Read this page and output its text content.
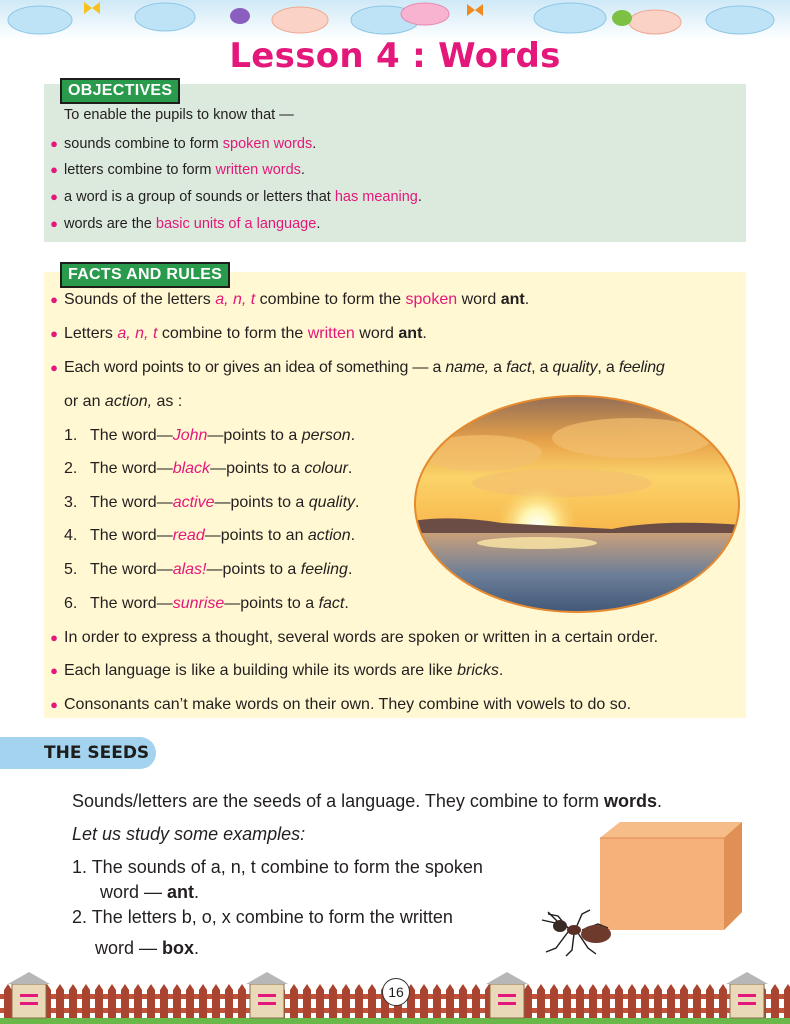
Lesson 4 : Words
OBJECTIVES
To enable the pupils to know that —
● sounds combine to form spoken words.
● letters combine to form written words.
● a word is a group of sounds or letters that has meaning.
● words are the basic units of a language.
FACTS AND RULES
● Sounds of the letters a, n, t combine to form the spoken word ant.
● Letters a, n, t combine to form the written word ant.
● Each word points to or gives an idea of something — a name, a fact, a quality, a feeling
or an action, as :
1. The word—John—points to a person.
2. The word—black—points to a colour.
3. The word—active—points to a quality.
4. The word—read—points to an action.
5. The word—alas!—points to a feeling.
6. The word—sunrise—points to a fact.
● In order to express a thought, several words are spoken or written in a certain order.
● Each language is like a building while its words are like bricks.
● Consonants can’t make words on their own. They combine with vowels to do so.
THE SEEDS
Sounds/letters are the seeds of a language. They combine to form words.
Let us study some examples:
1. The sounds of a, n, t combine to form the spoken
word — ant.
2. The letters b, o, x combine to form the written
word — box.
16
